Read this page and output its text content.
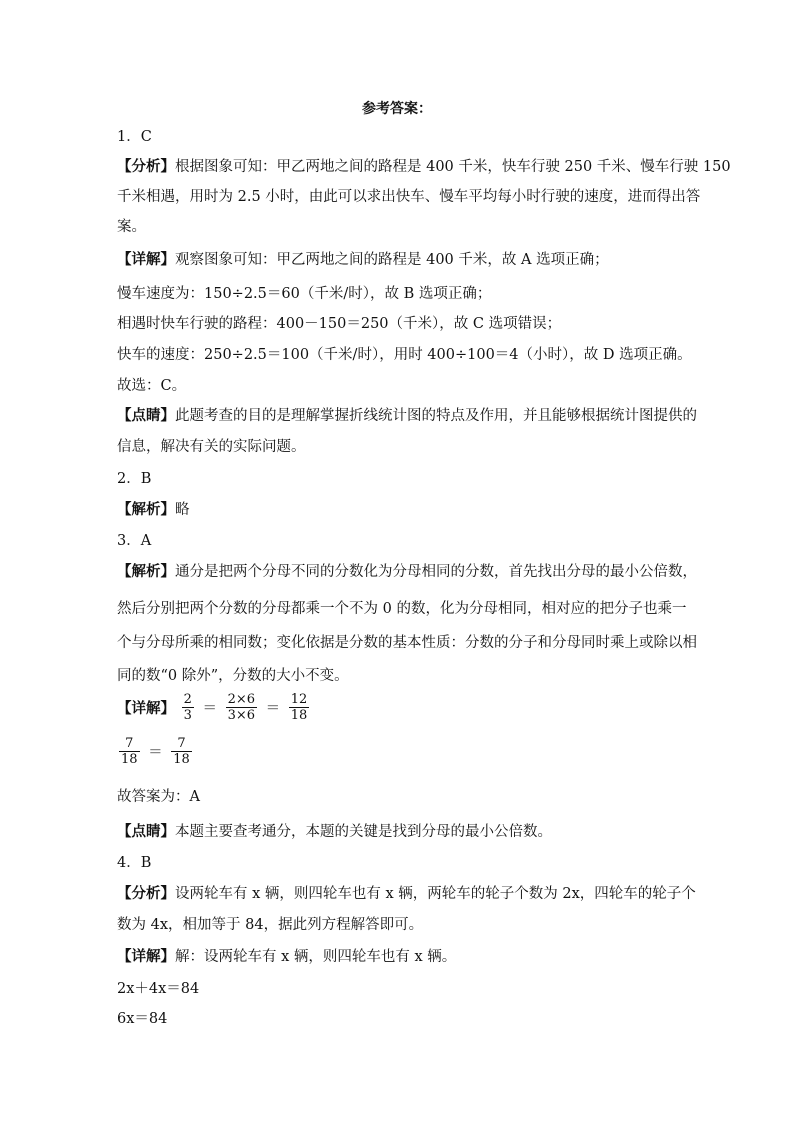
参考答案：
1．C
【分析】根据图象可知：甲乙两地之间的路程是 400 千米，快车行驶 250 千米、慢车行驶 150
千米相遇，用时为 2.5 小时，由此可以求出快车、慢车平均每小时行驶的速度，进而得出答
案。
【详解】观察图象可知：甲乙两地之间的路程是 400 千米，故 A 选项正确；
慢车速度为：150÷2.5＝60（千米/时），故 B 选项正确；
相遇时快车行驶的路程：400－150＝250（千米），故 C 选项错误；
快车的速度：250÷2.5＝100（千米/时），用时 400÷100＝4（小时），故 D 选项正确。
故选：C。
【点睛】此题考查的目的是理解掌握折线统计图的特点及作用，并且能够根据统计图提供的
信息，解决有关的实际问题。
2．B
【解析】略
3．A
【解析】通分是把两个分母不同的分数化为分母相同的分数，首先找出分母的最小公倍数，
然后分别把两个分数的分母都乘一个不为 0 的数，化为分母相同，相对应的把分子也乘一
个与分母所乘的相同数；变化依据是分数的基本性质：分数的分子和分母同时乘上或除以相
同的数“0 除外”，分数的大小不变。
【详解】 $\frac{2}{3} = \frac{2\times 6}{3\times 6} = \frac{12}{18}$
$\frac{7}{18} = \frac{7}{18}$
故答案为：A
【点睛】本题主要查考通分，本题的关键是找到分母的最小公倍数。
4．B
【分析】设两轮车有 x 辆，则四轮车也有 x 辆，两轮车的轮子个数为 2x，四轮车的轮子个
数为 4x，相加等于 84，据此列方程解答即可。
【详解】解：设两轮车有 x 辆，则四轮车也有 x 辆。
2x＋4x＝84
6x＝84
